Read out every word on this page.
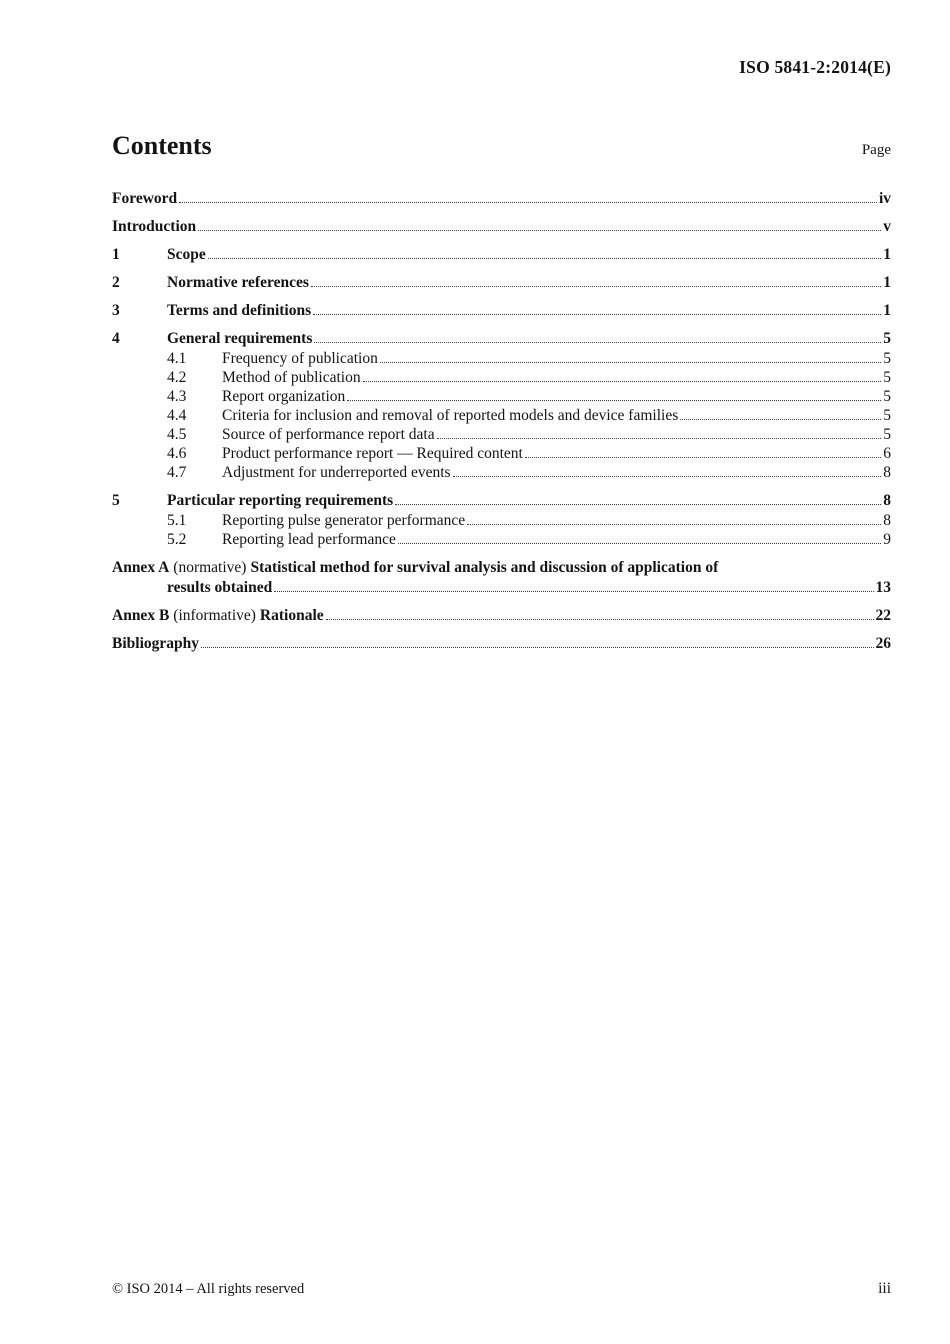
ISO 5841-2:2014(E)
Contents	Page
Foreword	iv
Introduction	v
1	Scope	1
2	Normative references	1
3	Terms and definitions	1
4	General requirements	5
4.1	Frequency of publication	5
4.2	Method of publication	5
4.3	Report organization	5
4.4	Criteria for inclusion and removal of reported models and device families	5
4.5	Source of performance report data	5
4.6	Product performance report — Required content	6
4.7	Adjustment for underreported events	8
5	Particular reporting requirements	8
5.1	Reporting pulse generator performance	8
5.2	Reporting lead performance	9
Annex A (normative) Statistical method for survival analysis and discussion of application of
results obtained	13
Annex B (informative) Rationale	22
Bibliography	26
© ISO 2014 – All rights reserved	iii
